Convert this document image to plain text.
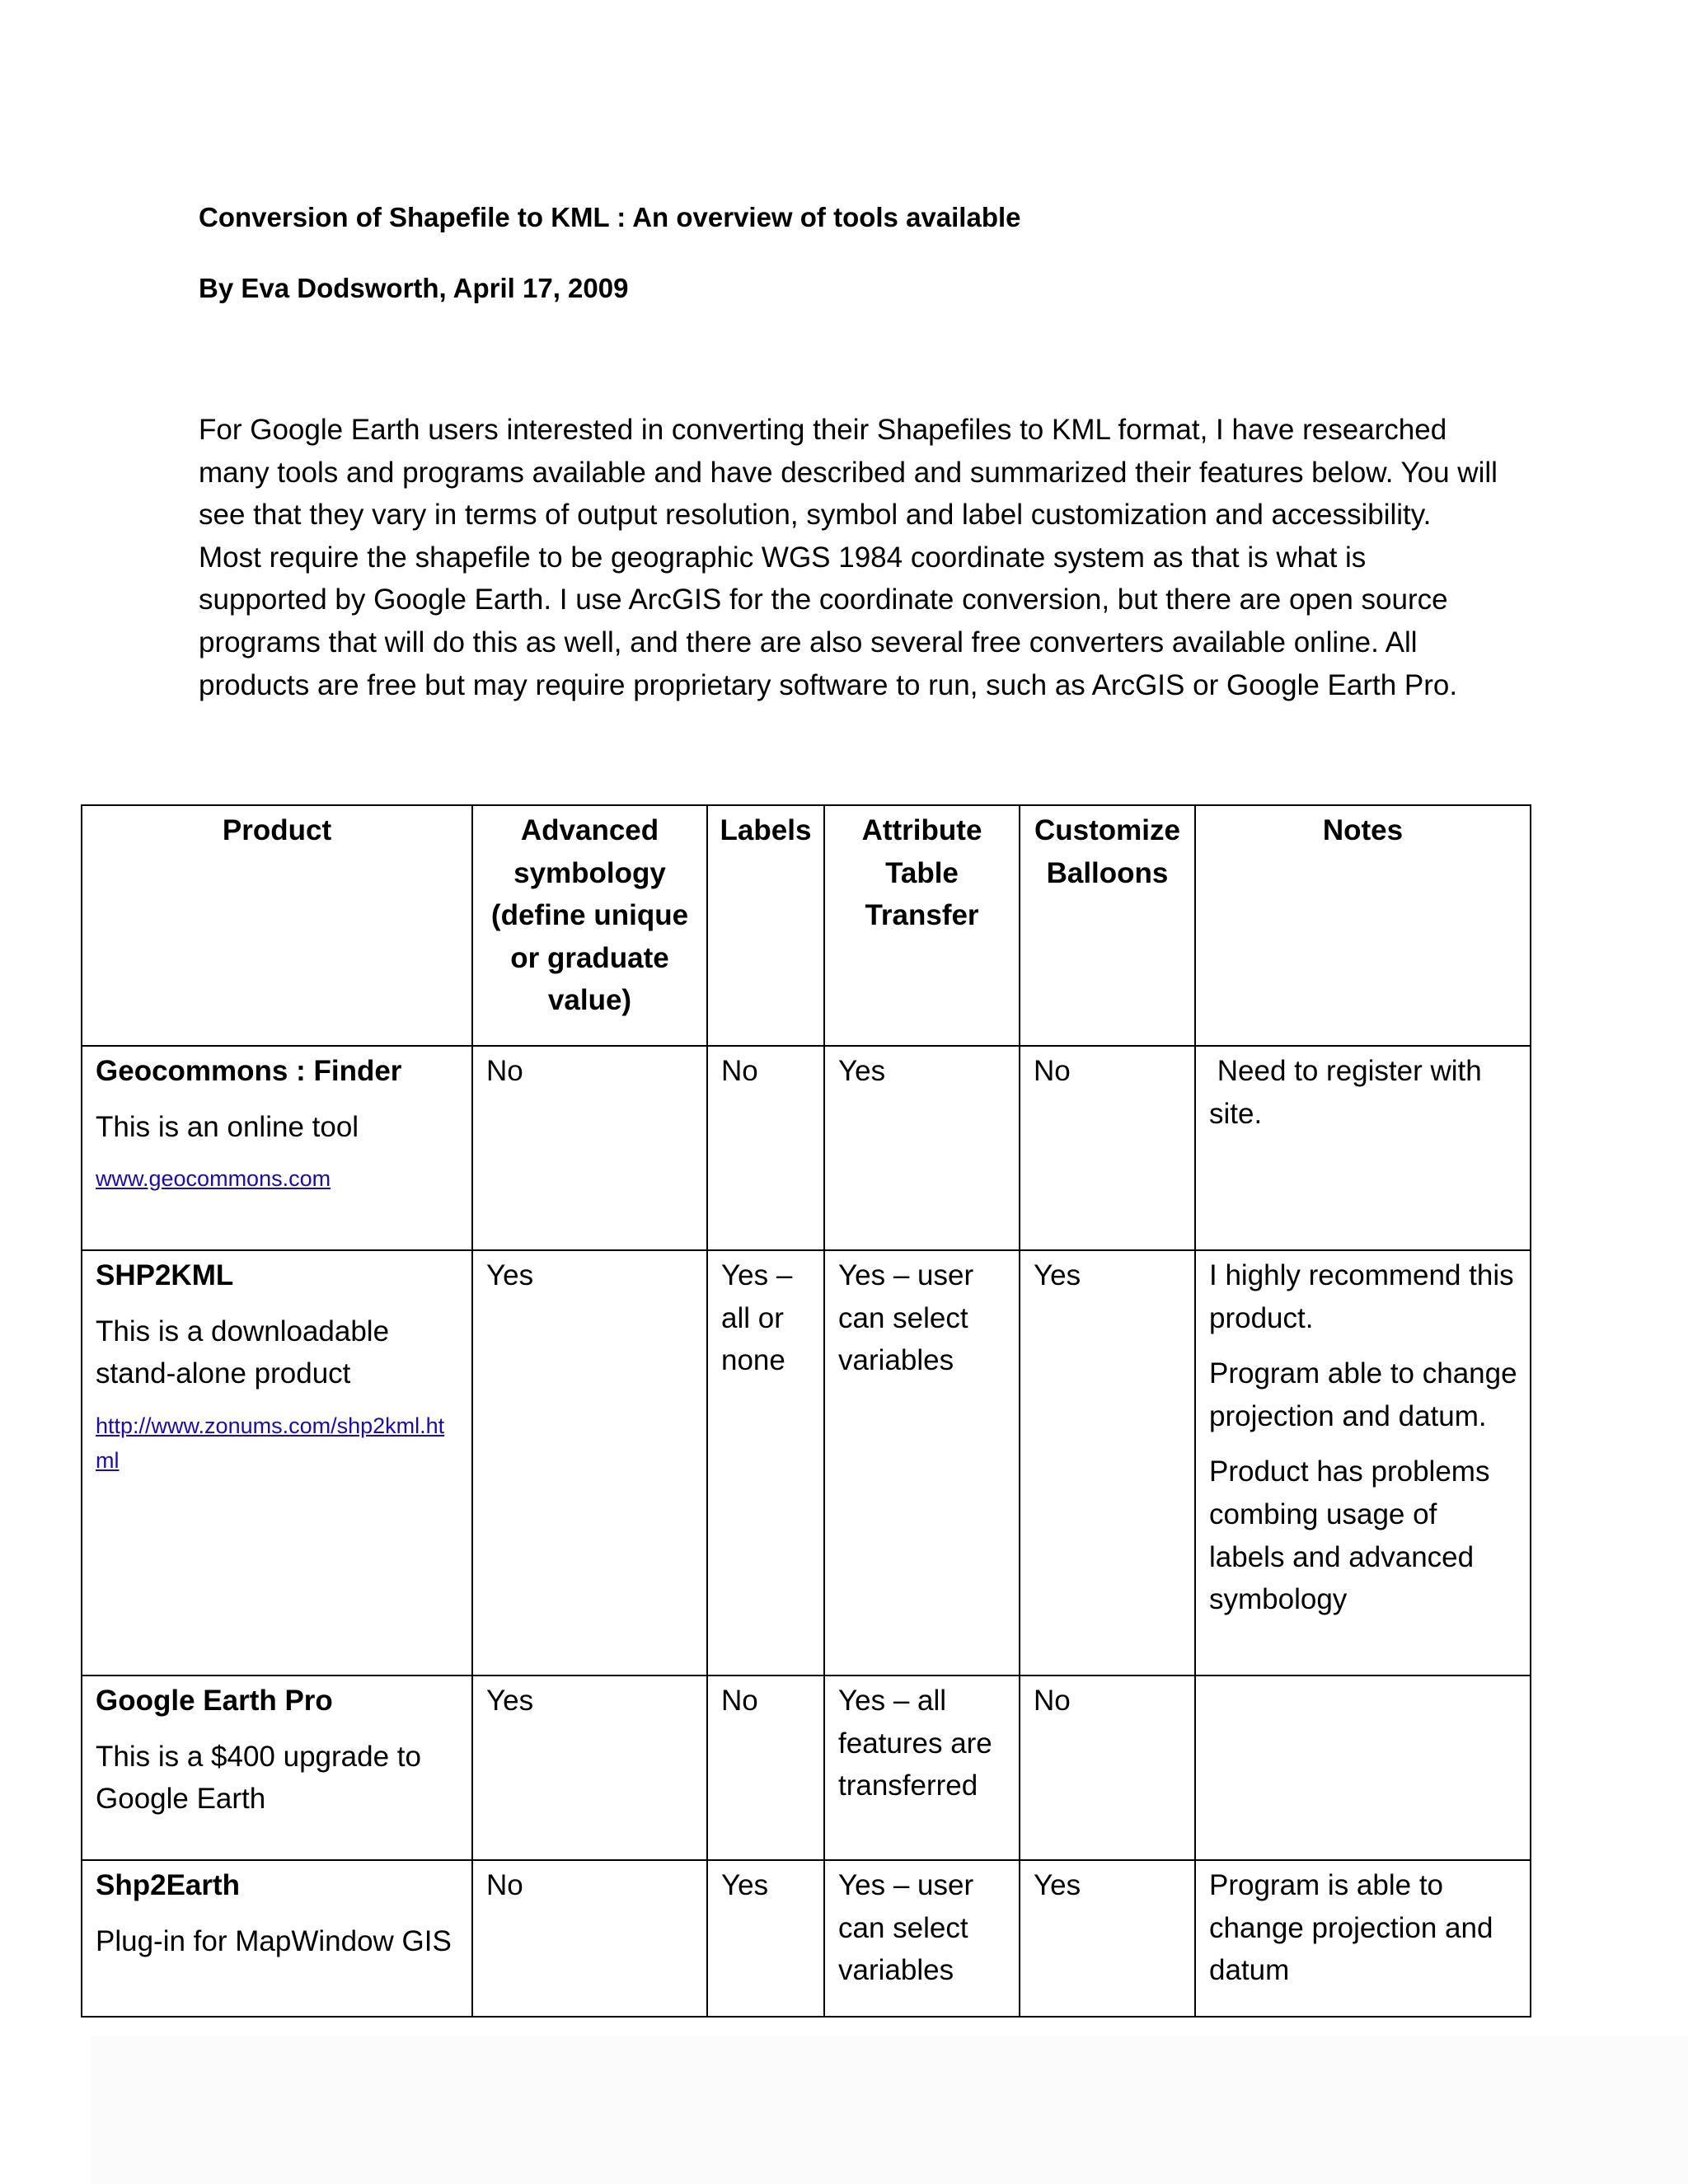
Conversion of Shapefile to KML : An overview of tools available
By Eva Dodsworth, April 17, 2009

For Google Earth users interested in converting their Shapefiles to KML format, I have researched many tools and programs available and have described and summarized their features below. You will see that they vary in terms of output resolution, symbol and label customization and accessibility. Most require the shapefile to be geographic WGS 1984 coordinate system as that is what is supported by Google Earth. I use ArcGIS for the coordinate conversion, but there are open source programs that will do this as well, and there are also several free converters available online. All products are free but may require proprietary software to run, such as ArcGIS or Google Earth Pro.

Product	Advanced symbology (define unique or graduate value)	Labels	Attribute Table Transfer	Customize Balloons	Notes

Geocommons : Finder
This is an online tool
www.geocommons.com	No	No	Yes	No	Need to register with site.

SHP2KML
This is a downloadable stand-alone product
http://www.zonums.com/shp2kml.html	Yes	Yes – all or none	Yes – user can select variables	Yes	I highly recommend this product.
Program able to change projection and datum.
Product has problems combing usage of labels and advanced symbology

Google Earth Pro
This is a $400 upgrade to Google Earth	Yes	No	Yes – all features are transferred	No	

Shp2Earth
Plug-in for MapWindow GIS	No	Yes	Yes – user can select variables	Yes	Program is able to change projection and datum
